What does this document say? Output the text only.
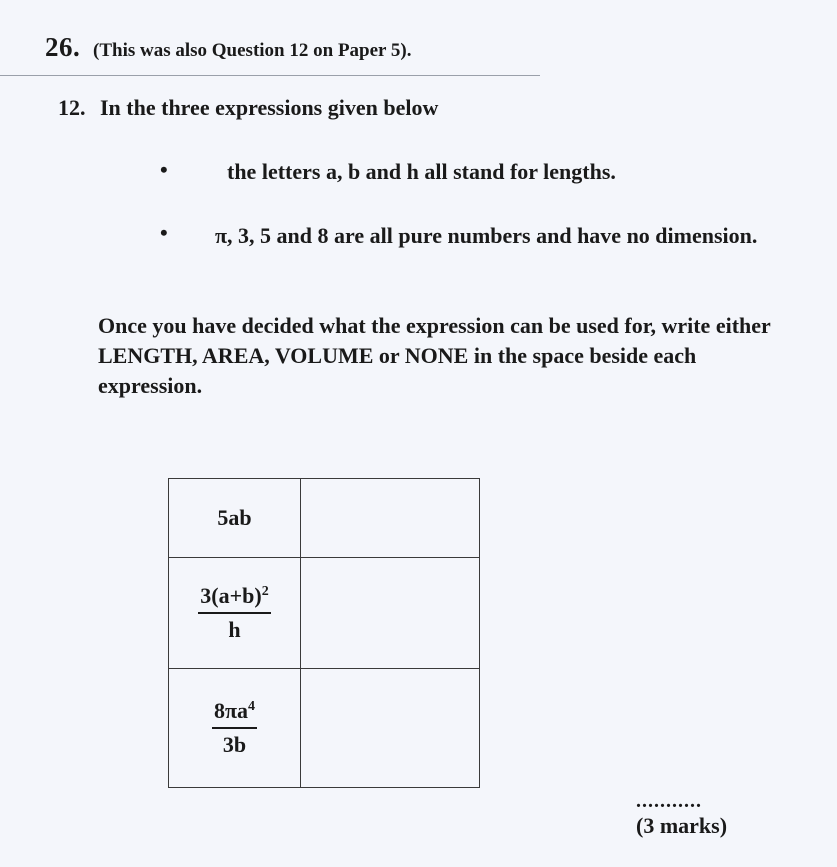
26. (This was also Question 12 on Paper 5).
12. In the three expressions given below
•	the letters a, b and h all stand for lengths.
• π, 3, 5 and 8 are all pure numbers and have no dimension.
Once you have decided what the expression can be used for, write either LENGTH, AREA, VOLUME or NONE in the space beside each expression.
5ab	

$\frac{3(a+b)^2}{h}$

$\frac{8\pi a^4}{3b}$

...........
(3 marks)
